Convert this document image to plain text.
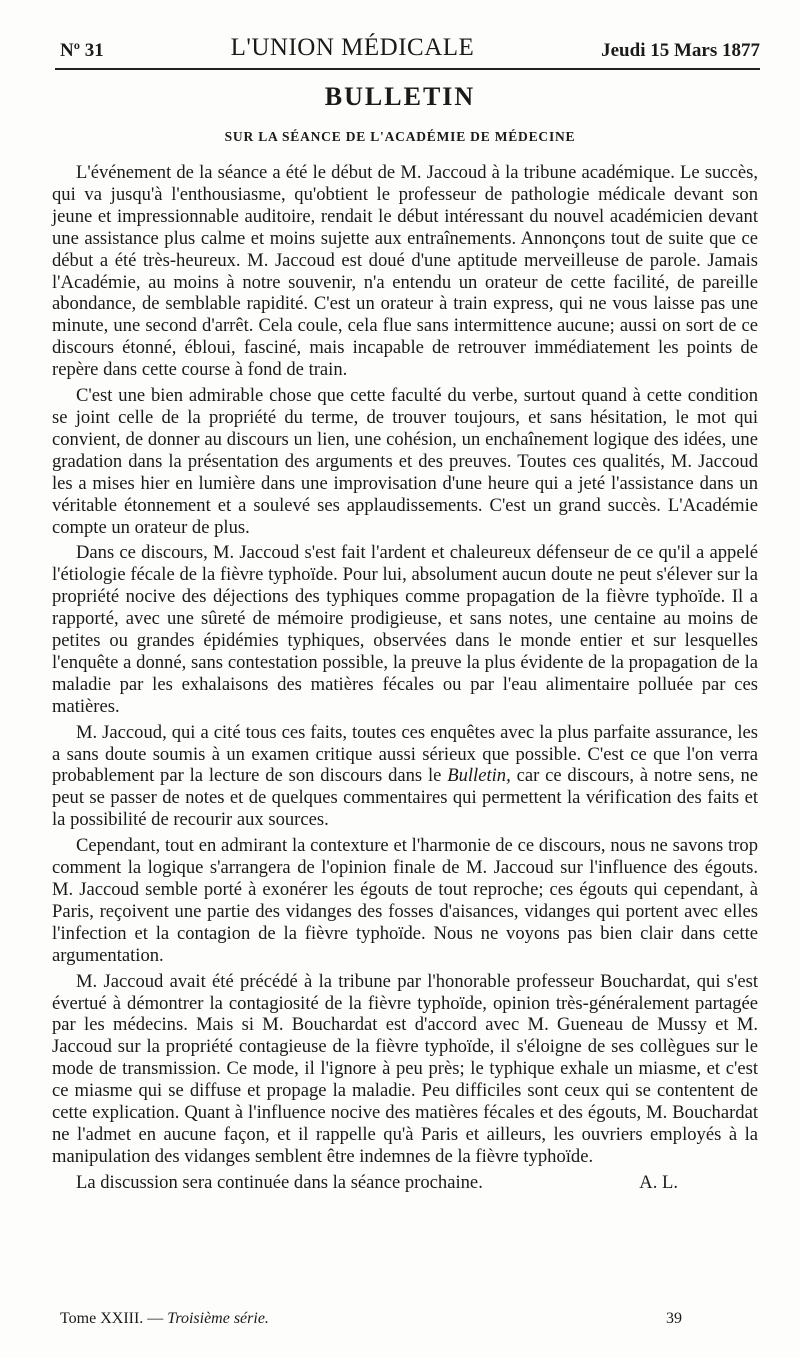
Nº 31	L'UNION MÉDICALE	Jeudi 15 Mars 1877
BULLETIN
SUR LA SÉANCE DE L'ACADÉMIE DE MÉDECINE

L'événement de la séance a été le début de M. Jaccoud à la tribune académique. Le succès, qui va jusqu'à l'enthousiasme, qu'obtient le professeur de pathologie médicale devant son jeune et impressionnable auditoire, rendait le début intéressant du nouvel académicien devant une assistance plus calme et moins sujette aux entraînements. Annonçons tout de suite que ce début a été très-heureux. M. Jaccoud est doué d'une aptitude merveilleuse de parole. Jamais l'Académie, au moins à notre souvenir, n'a entendu un orateur de cette facilité, de pareille abondance, de semblable rapidité. C'est un orateur à train express, qui ne vous laisse pas une minute, une second d'arrêt. Cela coule, cela flue sans intermittence aucune; aussi on sort de ce discours étonné, ébloui, fasciné, mais incapable de retrouver immédiatement les points de repère dans cette course à fond de train.

C'est une bien admirable chose que cette faculté du verbe, surtout quand à cette condition se joint celle de la propriété du terme, de trouver toujours, et sans hésitation, le mot qui convient, de donner au discours un lien, une cohésion, un enchaînement logique des idées, une gradation dans la présentation des arguments et des preuves. Toutes ces qualités, M. Jaccoud les a mises hier en lumière dans une improvisation d'une heure qui a jeté l'assistance dans un véritable étonnement et a soulevé ses applaudissements. C'est un grand succès. L'Académie compte un orateur de plus.

Dans ce discours, M. Jaccoud s'est fait l'ardent et chaleureux défenseur de ce qu'il a appelé l'étiologie fécale de la fièvre typhoïde. Pour lui, absolument aucun doute ne peut s'élever sur la propriété nocive des déjections des typhiques comme propagation de la fièvre typhoïde. Il a rapporté, avec une sûreté de mémoire prodigieuse, et sans notes, une centaine au moins de petites ou grandes épidémies typhiques, observées dans le monde entier et sur lesquelles l'enquête a donné, sans contestation possible, la preuve la plus évidente de la propagation de la maladie par les exhalaisons des matières fécales ou par l'eau alimentaire polluée par ces matières.

M. Jaccoud, qui a cité tous ces faits, toutes ces enquêtes avec la plus parfaite assurance, les a sans doute soumis à un examen critique aussi sérieux que possible. C'est ce que l'on verra probablement par la lecture de son discours dans le Bulletin, car ce discours, à notre sens, ne peut se passer de notes et de quelques commentaires qui permettent la vérification des faits et la possibilité de recourir aux sources.

Cependant, tout en admirant la contexture et l'harmonie de ce discours, nous ne savons trop comment la logique s'arrangera de l'opinion finale de M. Jaccoud sur l'influence des égouts. M. Jaccoud semble porté à exonérer les égouts de tout reproche; ces égouts qui cependant, à Paris, reçoivent une partie des vidanges des fosses d'aisances, vidanges qui portent avec elles l'infection et la contagion de la fièvre typhoïde. Nous ne voyons pas bien clair dans cette argumentation.

M. Jaccoud avait été précédé à la tribune par l'honorable professeur Bouchardat, qui s'est évertué à démontrer la contagiosité de la fièvre typhoïde, opinion très-généralement partagée par les médecins. Mais si M. Bouchardat est d'accord avec M. Gueneau de Mussy et M. Jaccoud sur la propriété contagieuse de la fièvre typhoïde, il s'éloigne de ses collègues sur le mode de transmission. Ce mode, il l'ignore à peu près; le typhique exhale un miasme, et c'est ce miasme qui se diffuse et propage la maladie. Peu difficiles sont ceux qui se contentent de cette explication. Quant à l'influence nocive des matières fécales et des égouts, M. Bouchardat ne l'admet en aucune façon, et il rappelle qu'à Paris et ailleurs, les ouvriers employés à la manipulation des vidanges semblent être indemnes de la fièvre typhoïde.

La discussion sera continuée dans la séance prochaine.	A. L.

Tome XXIII. — Troisième série.	39
